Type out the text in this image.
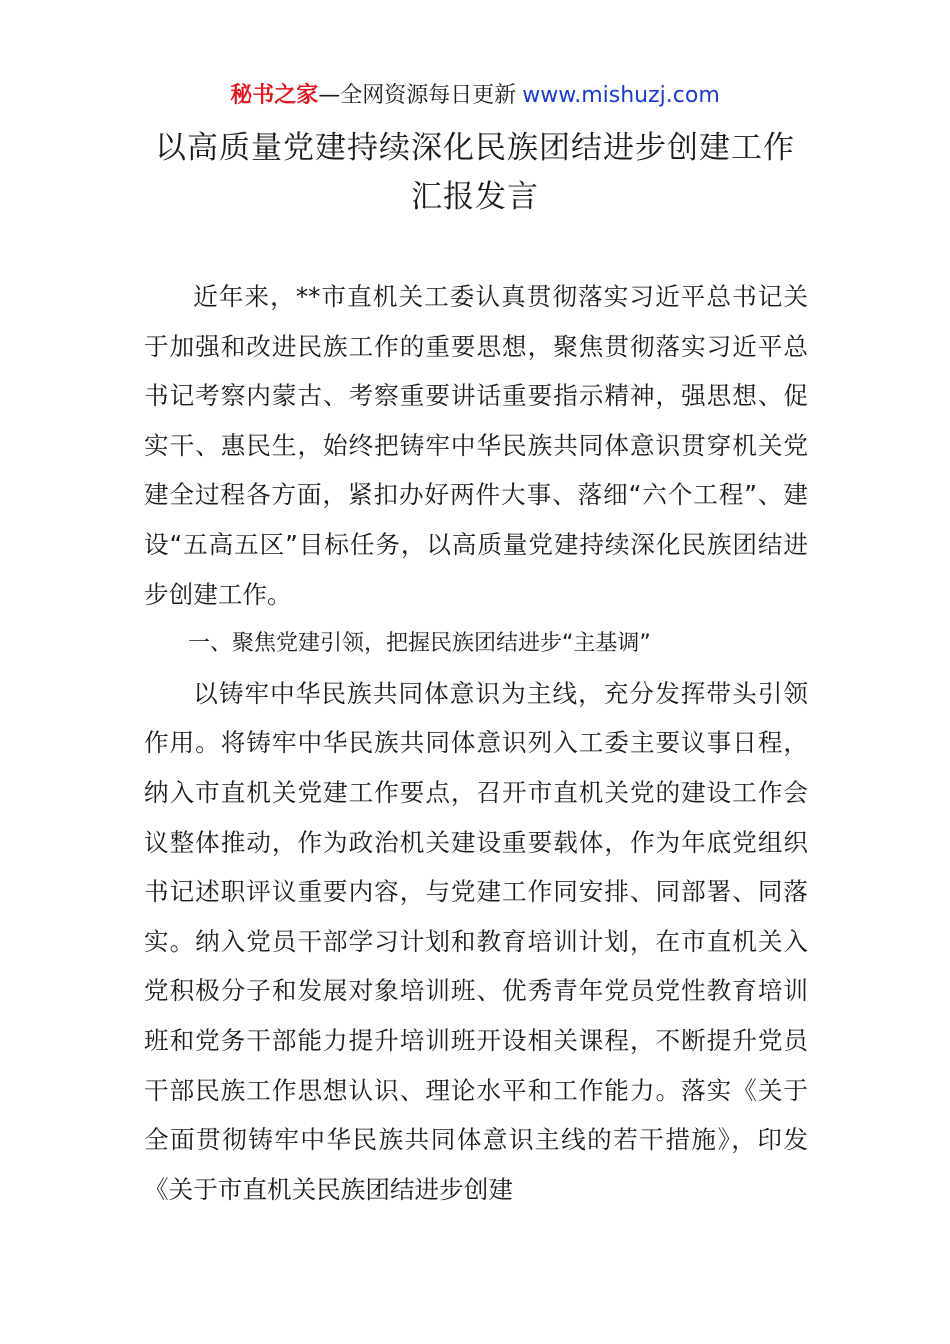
秘书之家—全网资源每日更新 www.mishuzj.com
以高质量党建持续深化民族团结进步创建工作
汇报发言

近年来，**市直机关工委认真贯彻落实习近平总书记关于加强和改进民族工作的重要思想，聚焦贯彻落实习近平总书记考察内蒙古、考察重要讲话重要指示精神，强思想、促实干、惠民生，始终把铸牢中华民族共同体意识贯穿机关党建全过程各方面，紧扣办好两件大事、落细“六个工程”、建设“五高五区”目标任务，以高质量党建持续深化民族团结进步创建工作。

一、聚焦党建引领，把握民族团结进步“主基调”

以铸牢中华民族共同体意识为主线，充分发挥带头引领作用。将铸牢中华民族共同体意识列入工委主要议事日程，纳入市直机关党建工作要点，召开市直机关党的建设工作会议整体推动，作为政治机关建设重要载体，作为年底党组织书记述职评议重要内容，与党建工作同安排、同部署、同落实。纳入党员干部学习计划和教育培训计划，在市直机关入党积极分子和发展对象培训班、优秀青年党员党性教育培训班和党务干部能力提升培训班开设相关课程，不断提升党员干部民族工作思想认识、理论水平和工作能力。落实《关于全面贯彻铸牢中华民族共同体意识主线的若干措施》，印发《关于市直机关民族团结进步创建
